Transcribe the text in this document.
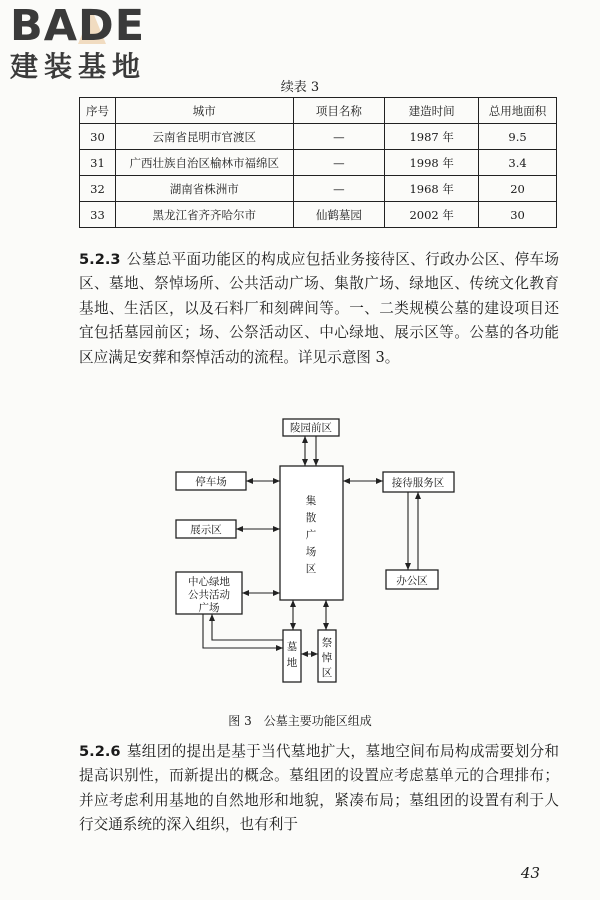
BADE
建装基地
续表 3
序号	城市	项目名称	建造时间	总用地面积
30	云南省昆明市官渡区	—	1987 年	9.5
31	广西壮族自治区榆林市福绵区	—	1998 年	3.4
32	湖南省株洲市	—	1968 年	20
33	黑龙江省齐齐哈尔市	仙鹤墓园	2002 年	30
5.2.3 公墓总平面功能区的构成应包括业务接待区、行政办公区、停车场区、墓地、祭悼场所、公共活动广场、集散广场、绿地区、传统文化教育基地、生活区，以及石料厂和刻碑间等。一、二类规模公墓的建设项目还宜包括墓园前区；场、公祭活动区、中心绿地、展示区等。公墓的各功能区应满足安葬和祭悼活动的流程。详见示意图 3。
陵园前区
停车场
集
散
广
场
区
接待服务区
展示区
办公区
中心绿地
公共活动
广场
墓
地
祭
悼
区
图 3　公墓主要功能区组成
5.2.6 墓组团的提出是基于当代墓地扩大，墓地空间布局构成需要划分和提高识别性，而新提出的概念。墓组团的设置应考虑墓单元的合理排布；并应考虑利用基地的自然地形和地貌，紧凑布局；墓组团的设置有利于人行交通系统的深入组织，也有利于
43
